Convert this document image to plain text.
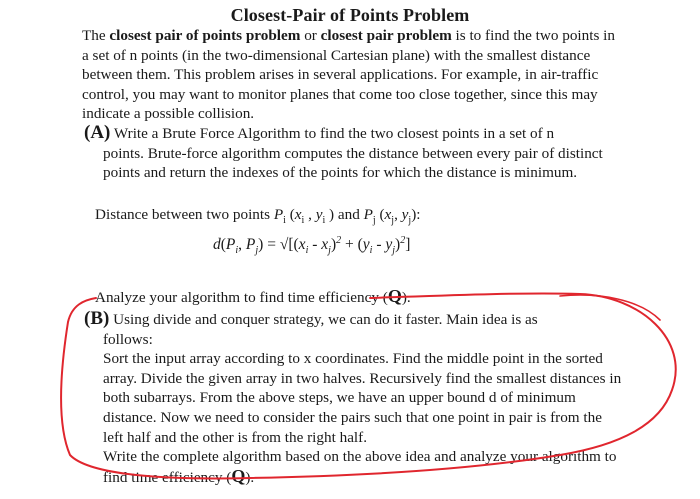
Closest-Pair of Points Problem
The closest pair of points problem or closest pair problem is to find the two points in a set of n points (in the two-dimensional Cartesian plane) with the smallest distance between them. This problem arises in several applications. For example, in air-traffic control, you may want to monitor planes that come too close together, since this may indicate a possible collision.
(A) Write a Brute Force Algorithm to find the two closest points in a set of n
points. Brute-force algorithm computes the distance between every pair of distinct points and return the indexes of the points for which the distance is minimum.
Distance between two points $P_i$ ($x_i$ , $y_i$ ) and $P_j$ ($x_j$, $y_j$):
$d(P_i$, $P_j) = √[(x_i - x_j)^2 + (y_i - y_j)^2]$
Analyze your algorithm to find time efficiency (Q).
(B) Using divide and conquer strategy, we can do it faster. Main idea is as
follows:
Sort the input array according to x coordinates. Find the middle point in the sorted array. Divide the given array in two halves. Recursively find the smallest distances in both subarrays. From the above steps, we have an upper bound d of minimum distance. Now we need to consider the pairs such that one point in pair is from the left half and the other is from the right half.
Write the complete algorithm based on the above idea and analyze your algorithm to find time efficiency (Q).
